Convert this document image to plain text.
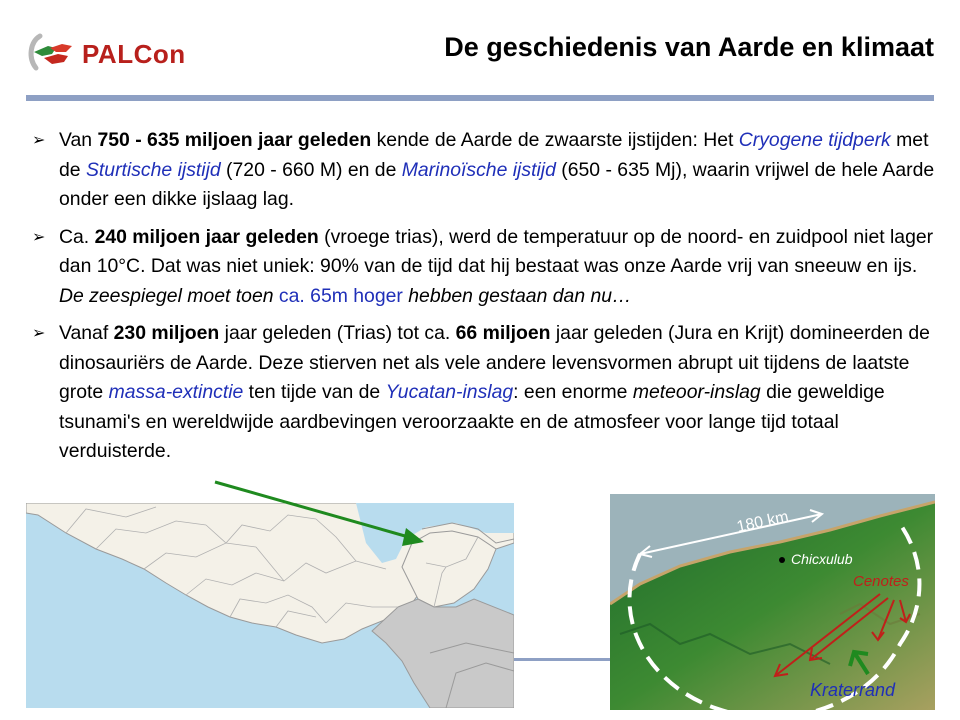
PALCon	De geschiedenis van Aarde en klimaat
➢ Van 750 - 635 miljoen jaar geleden kende de Aarde de zwaarste ijstijden: Het Cryogene tijdperk met de Sturtische ijstijd (720 - 660 M) en de Marinoïsche ijstijd (650 - 635 Mj), waarin vrijwel de hele Aarde onder een dikke ijslaag lag.
➢ Ca. 240 miljoen jaar geleden (vroege trias), werd de temperatuur op de noord- en zuidpool niet lager dan 10°C. Dat was niet uniek: 90% van de tijd dat hij bestaat was onze Aarde vrij van sneeuw en ijs.
De zeespiegel moet toen ca. 65m hoger hebben gestaan dan nu…
➢ Vanaf 230 miljoen jaar geleden (Trias) tot ca. 66 miljoen jaar geleden (Jura en Krijt) domineerden de dinosauriërs de Aarde. Deze stierven net als vele andere levensvormen abrupt uit tijdens de laatste grote massa-extinctie ten tijde van de Yucatan-inslag: een enorme meteoor-inslag die geweldige tsunami's en wereldwijde aardbevingen veroorzaakte en de atmosfeer voor lange tijd totaal verduisterde.
180 km
Chicxulub
Cenotes
Kraterrand
